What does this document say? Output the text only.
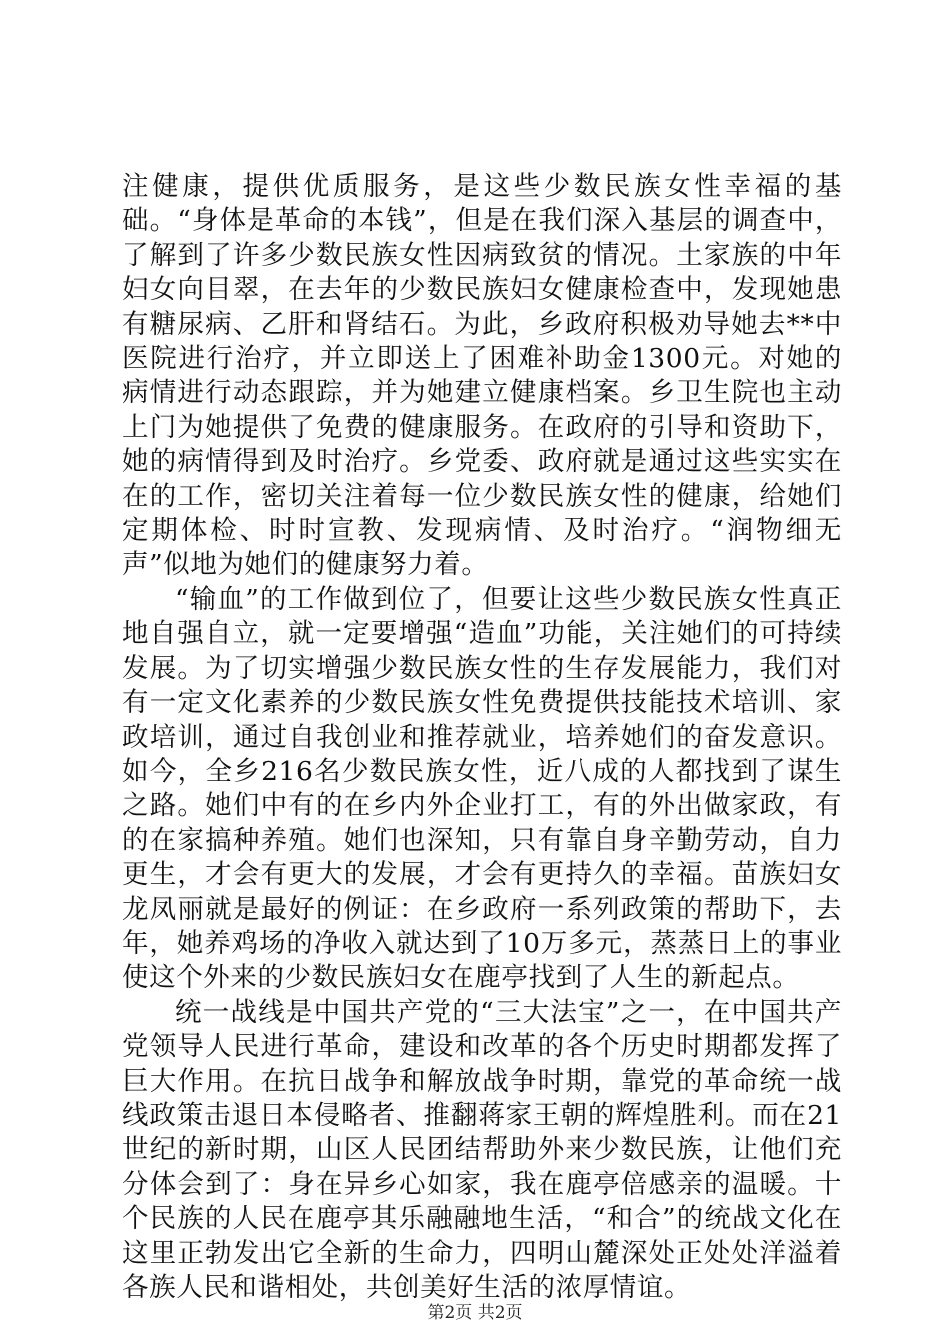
注健康，提供优质服务，是这些少数民族女性幸福的基础。“身体是革命的本钱”，但是在我们深入基层的调查中，了解到了许多少数民族女性因病致贫的情况。土家族的中年妇女向目翠，在去年的少数民族妇女健康检查中，发现她患有糖尿病、乙肝和肾结石。为此，乡政府积极劝导她去**中医院进行治疗，并立即送上了困难补助金1300元。对她的病情进行动态跟踪，并为她建立健康档案。乡卫生院也主动上门为她提供了免费的健康服务。在政府的引导和资助下，她的病情得到及时治疗。乡党委、政府就是通过这些实实在在的工作，密切关注着每一位少数民族女性的健康，给她们定期体检、时时宣教、发现病情、及时治疗。“润物细无声”似地为她们的健康努力着。

“输血”的工作做到位了，但要让这些少数民族女性真正地自强自立，就一定要增强“造血”功能，关注她们的可持续发展。为了切实增强少数民族女性的生存发展能力，我们对有一定文化素养的少数民族女性免费提供技能技术培训、家政培训，通过自我创业和推荐就业，培养她们的奋发意识。如今，全乡216名少数民族女性，近八成的人都找到了谋生之路。她们中有的在乡内外企业打工，有的外出做家政，有的在家搞种养殖。她们也深知，只有靠自身辛勤劳动，自力更生，才会有更大的发展，才会有更持久的幸福。苗族妇女龙凤丽就是最好的例证：在乡政府一系列政策的帮助下，去年，她养鸡场的净收入就达到了10万多元，蒸蒸日上的事业使这个外来的少数民族妇女在鹿亭找到了人生的新起点。

统一战线是中国共产党的“三大法宝”之一，在中国共产党领导人民进行革命，建设和改革的各个历史时期都发挥了巨大作用。在抗日战争和解放战争时期，靠党的革命统一战线政策击退日本侵略者、推翻蒋家王朝的辉煌胜利。而在21世纪的新时期，山区人民团结帮助外来少数民族，让他们充分体会到了：身在异乡心如家，我在鹿亭倍感亲的温暖。十个民族的人民在鹿亭其乐融融地生活，“和合”的统战文化在这里正勃发出它全新的生命力，四明山麓深处正处处洋溢着各族人民和谐相处，共创美好生活的浓厚情谊。

第2页 共2页
